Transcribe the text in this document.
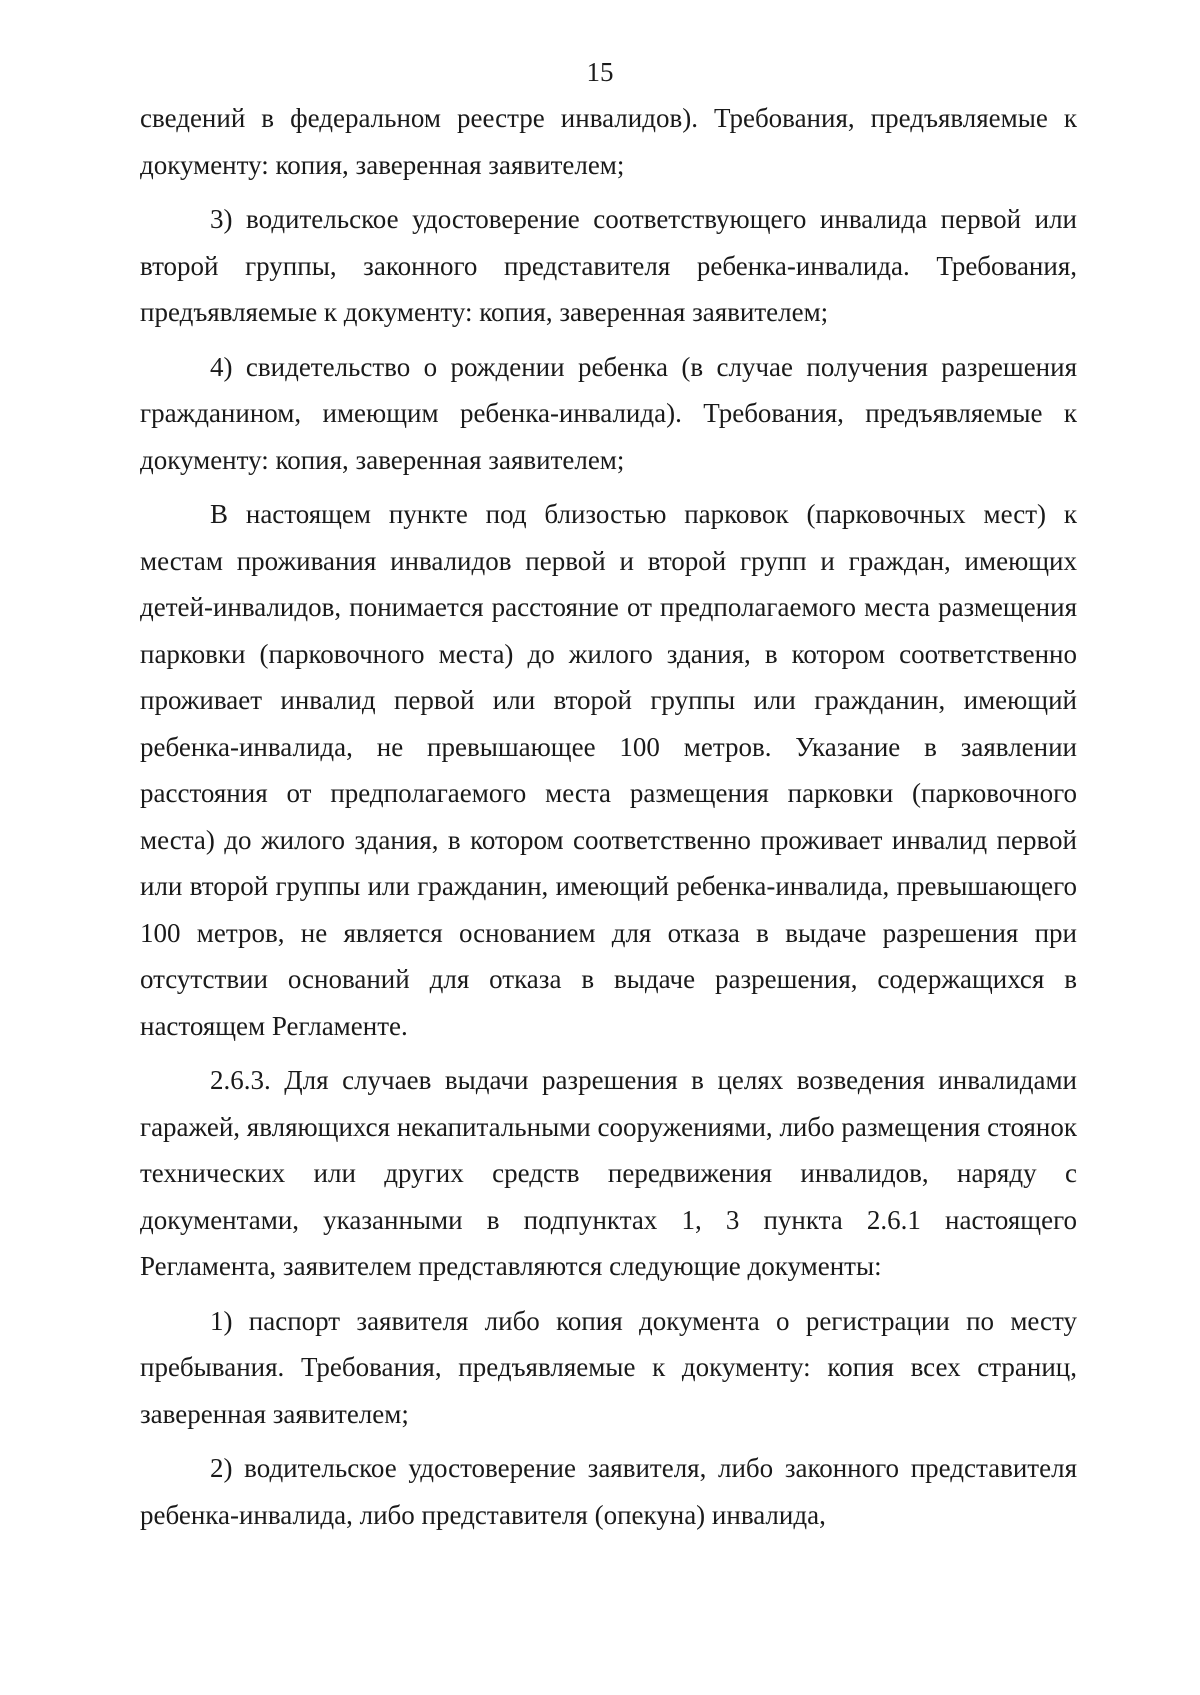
15

сведений в федеральном реестре инвалидов). Требования, предъявляемые к документу: копия, заверенная заявителем;

3) водительское удостоверение соответствующего инвалида первой или второй группы, законного представителя ребенка-инвалида. Требования, предъявляемые к документу: копия, заверенная заявителем;

4) свидетельство о рождении ребенка (в случае получения разрешения гражданином, имеющим ребенка-инвалида). Требования, предъявляемые к документу: копия, заверенная заявителем;

В настоящем пункте под близостью парковок (парковочных мест) к местам проживания инвалидов первой и второй групп и граждан, имеющих детей-инвалидов, понимается расстояние от предполагаемого места размещения парковки (парковочного места) до жилого здания, в котором соответственно проживает инвалид первой или второй группы или гражданин, имеющий ребенка-инвалида, не превышающее 100 метров. Указание в заявлении расстояния от предполагаемого места размещения парковки (парковочного места) до жилого здания, в котором соответственно проживает инвалид первой или второй группы или гражданин, имеющий ребенка-инвалида, превышающего 100 метров, не является основанием для отказа в выдаче разрешения при отсутствии оснований для отказа в выдаче разрешения, содержащихся в настоящем Регламенте.

2.6.3. Для случаев выдачи разрешения в целях возведения инвалидами гаражей, являющихся некапитальными сооружениями, либо размещения стоянок технических или других средств передвижения инвалидов, наряду с документами, указанными в подпунктах 1, 3 пункта 2.6.1 настоящего Регламента, заявителем представляются следующие документы:

1) паспорт заявителя либо копия документа о регистрации по месту пребывания. Требования, предъявляемые к документу: копия всех страниц, заверенная заявителем;

2) водительское удостоверение заявителя, либо законного представителя ребенка-инвалида, либо представителя (опекуна) инвалида,
